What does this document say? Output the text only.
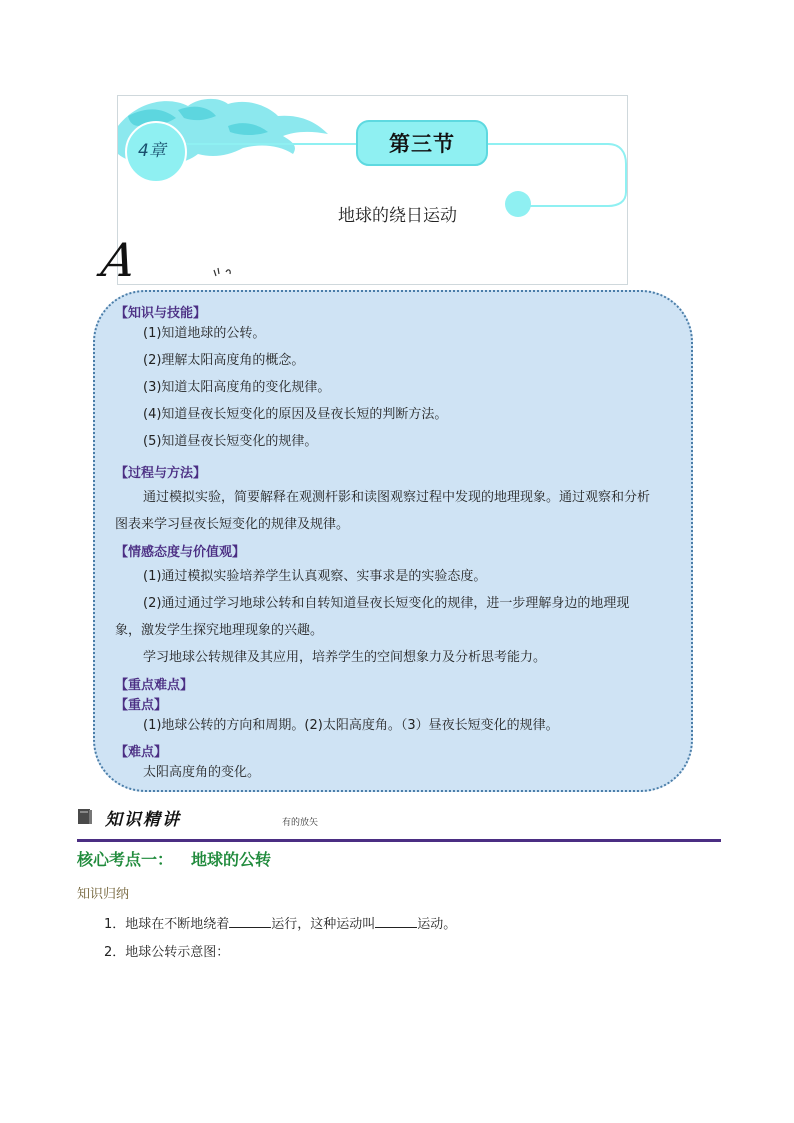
4章	第三节
地球的绕日运动
A
【知识与技能】
(1)知道地球的公转。
(2)理解太阳高度角的概念。
(3)知道太阳高度角的变化规律。
(4)知道昼夜长短变化的原因及昼夜长短的判断方法。
(5)知道昼夜长短变化的规律。
【过程与方法】
通过模拟实验，简要解释在观测杆影和读图观察过程中发现的地理现象。通过观察和分析图表来学习昼夜长短变化的规律及规律。
【情感态度与价值观】
(1)通过模拟实验培养学生认真观察、实事求是的实验态度。
(2)通过通过学习地球公转和自转知道昼夜长短变化的规律，进一步理解身边的地理现象，激发学生探究地理现象的兴趣。
学习地球公转规律及其应用，培养学生的空间想象力及分析思考能力。
【重点难点】
【重点】
(1)地球公转的方向和周期。(2)太阳高度角。（3）昼夜长短变化的规律。
【难点】
太阳高度角的变化。
知识精讲	有的放矢
核心考点一： 地球的公转
知识归纳
1．地球在不断地绕着	运行，这种运动叫	运动。
2．地球公转示意图：
